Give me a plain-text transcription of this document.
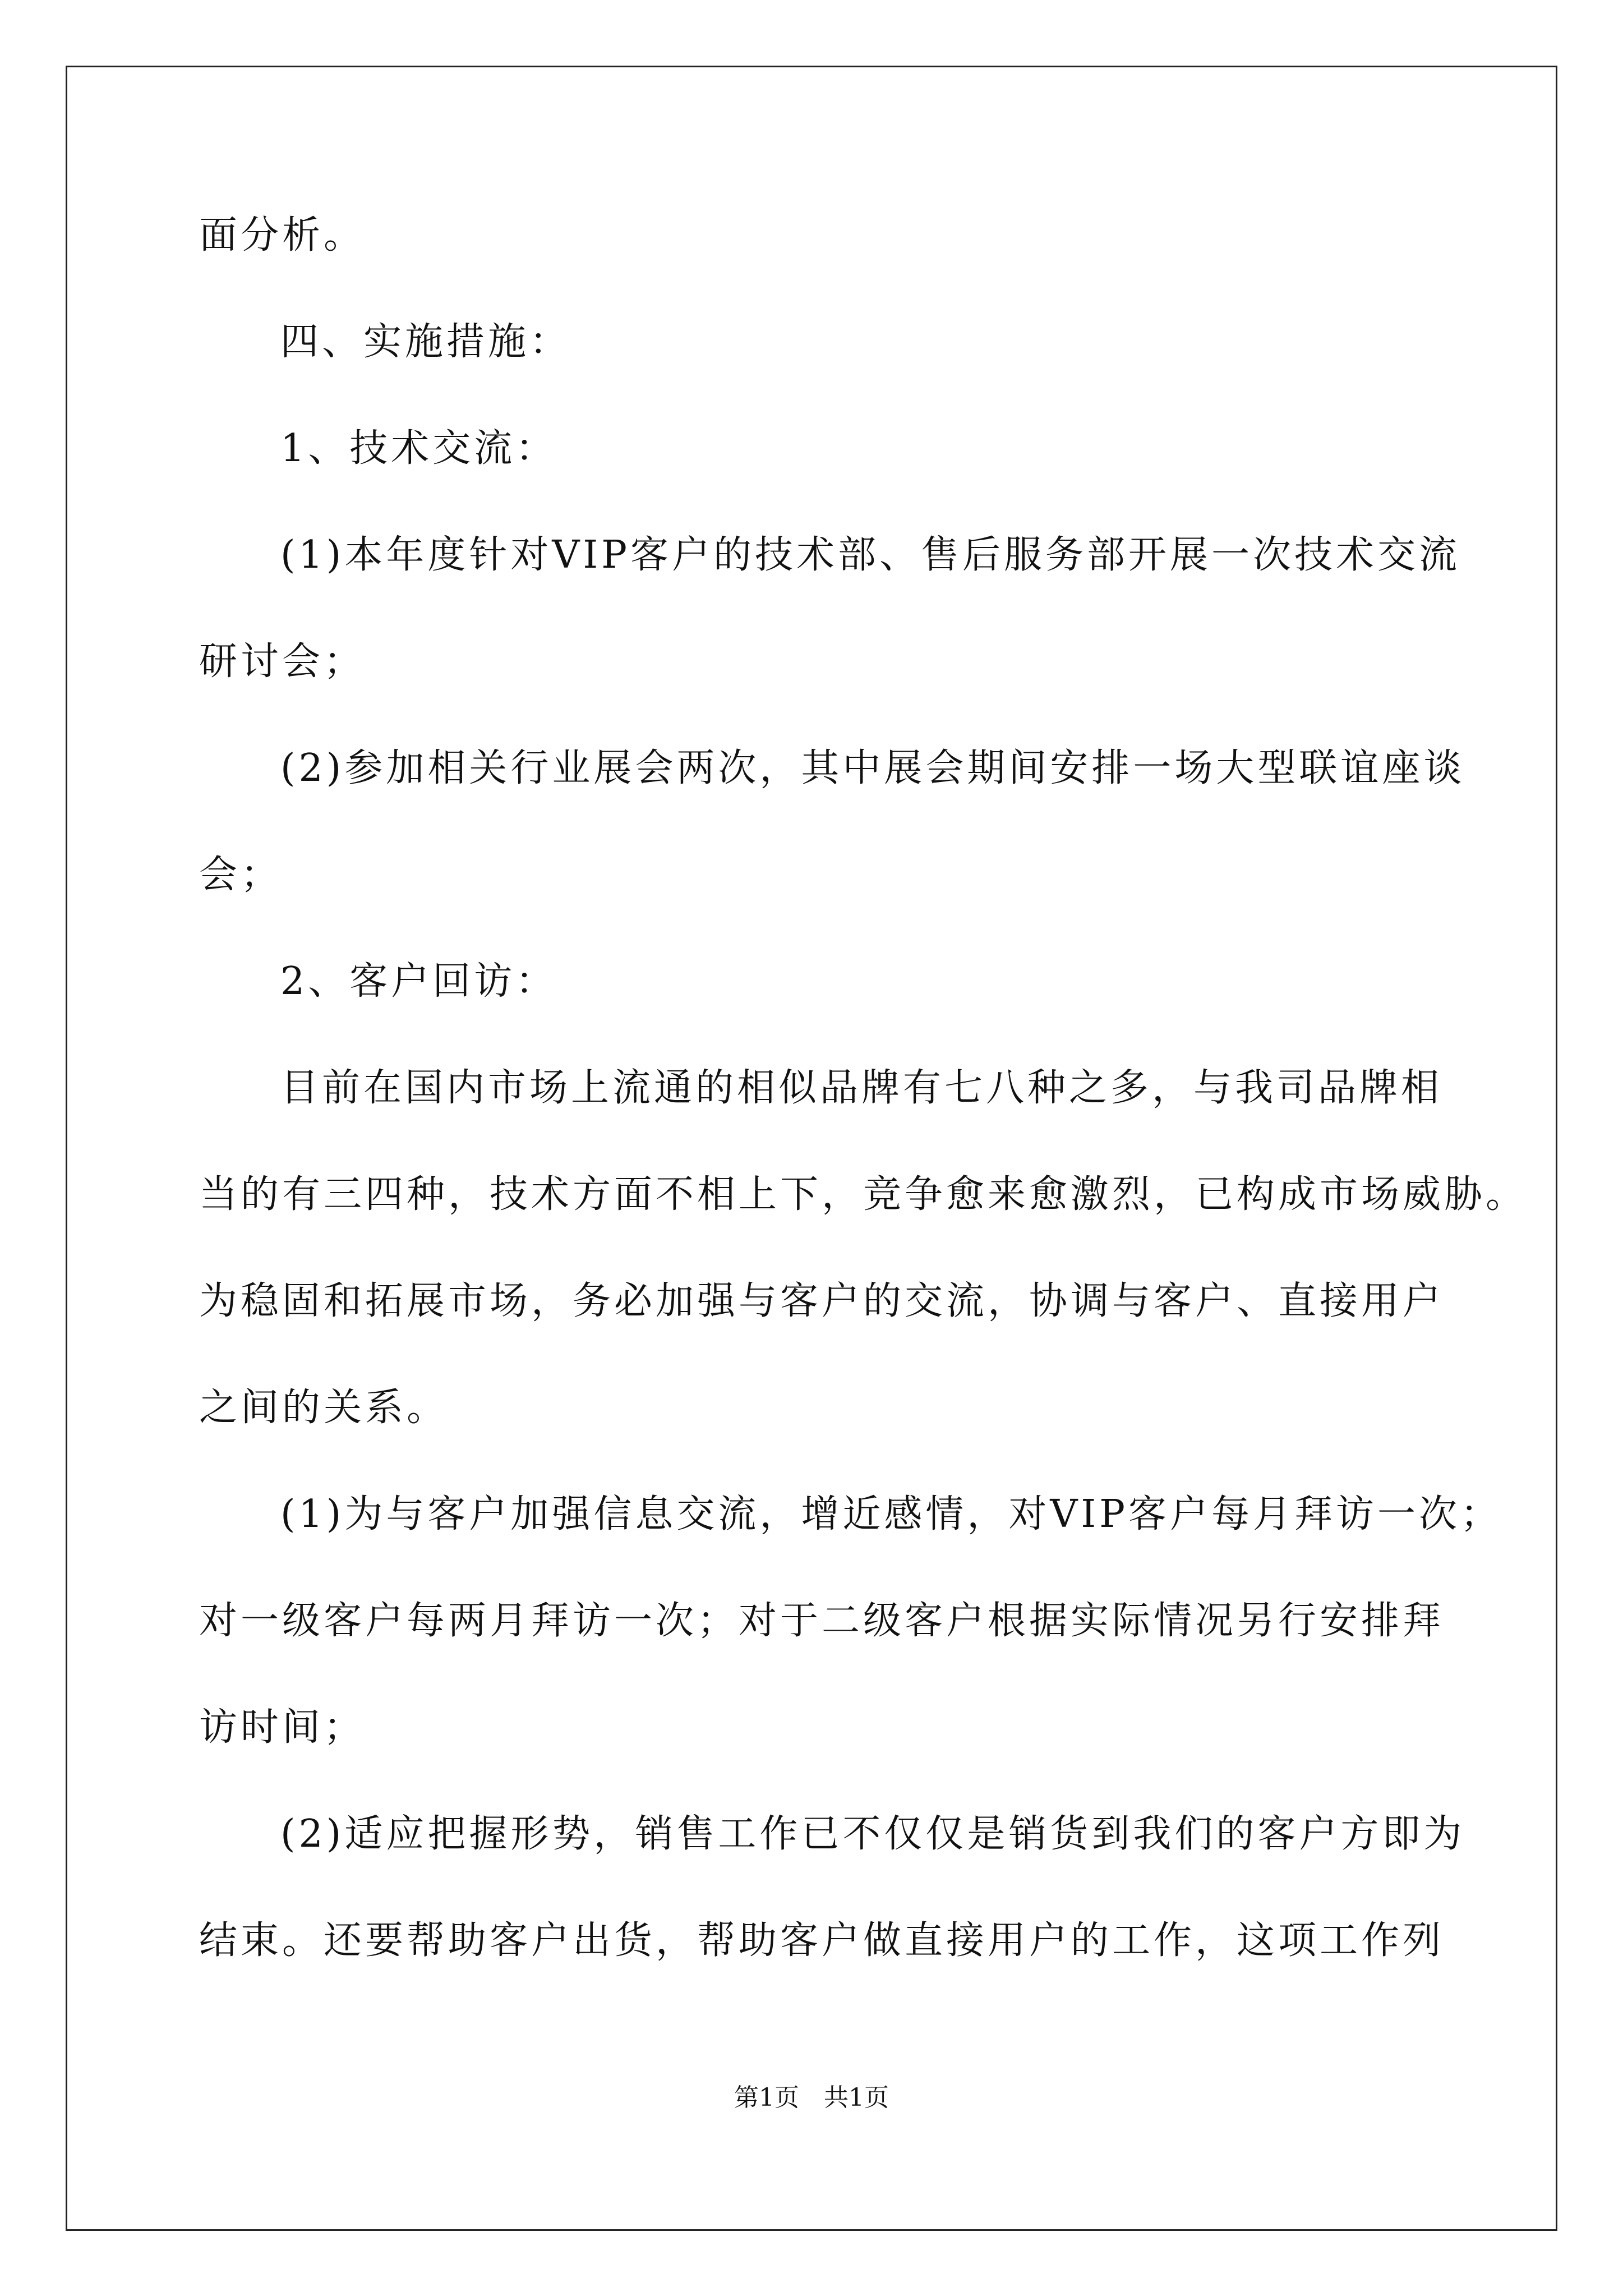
面分析。
四、实施措施：
1、技术交流：
(1)本年度针对VIP客户的技术部、售后服务部开展一次技术交流
研讨会；
(2)参加相关行业展会两次，其中展会期间安排一场大型联谊座谈
会；
2、客户回访：
目前在国内市场上流通的相似品牌有七八种之多，与我司品牌相
当的有三四种，技术方面不相上下，竞争愈来愈激烈，已构成市场威胁。
为稳固和拓展市场，务必加强与客户的交流，协调与客户、直接用户
之间的关系。
(1)为与客户加强信息交流，增近感情，对VIP客户每月拜访一次；
对一级客户每两月拜访一次；对于二级客户根据实际情况另行安排拜
访时间；
(2)适应把握形势，销售工作已不仅仅是销货到我们的客户方即为
结束。还要帮助客户出货，帮助客户做直接用户的工作，这项工作列
第1页　共1页
